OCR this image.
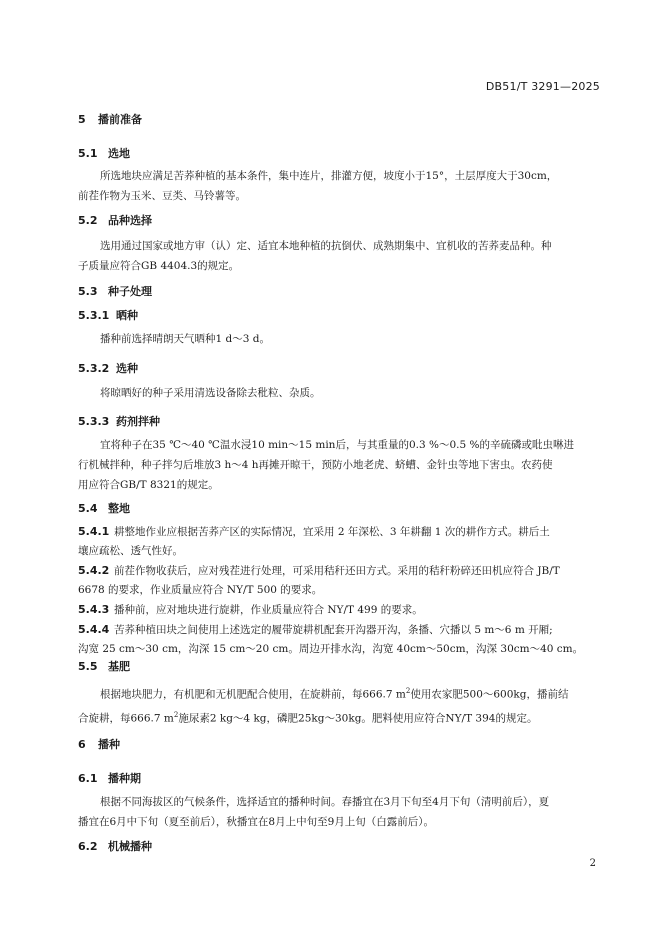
DB51/T 3291—2025
5 播前准备
5.1 选地
所选地块应满足苦荞种植的基本条件，集中连片，排灌方便，坡度小于15°，土层厚度大于30cm，
前茬作物为玉米、豆类、马铃薯等。
5.2 品种选择
选用通过国家或地方审（认）定、适宜本地种植的抗倒伏、成熟期集中、宜机收的苦荞麦品种。种
子质量应符合GB 4404.3的规定。
5.3 种子处理
5.3.1 晒种
播种前选择晴朗天气晒种1 d～3 d。
5.3.2 选种
将晾晒好的种子采用清选设备除去秕粒、杂质。
5.3.3 药剂拌种
宜将种子在35 ℃～40 ℃温水浸10 min～15 min后，与其重量的0.3 %～0.5 %的辛硫磷或吡虫啉进
行机械拌种，种子拌匀后堆放3 h～4 h再摊开晾干，预防小地老虎、蛴螬、金针虫等地下害虫。农药使
用应符合GB/T 8321的规定。
5.4 整地
5.4.1 耕整地作业应根据苦荞产区的实际情况，宜采用 2 年深松、3 年耕翻 1 次的耕作方式。耕后土
壤应疏松、透气性好。
5.4.2 前茬作物收获后，应对残茬进行处理，可采用秸秆还田方式。采用的秸秆粉碎还田机应符合 JB/T
6678 的要求，作业质量应符合 NY/T 500 的要求。
5.4.3 播种前，应对地块进行旋耕，作业质量应符合 NY/T 499 的要求。
5.4.4 苦荞种植田块之间使用上述选定的履带旋耕机配套开沟器开沟，条播、穴播以 5 m～6 m 开厢;
沟宽 25 cm～30 cm，沟深 15 cm～20 cm。周边开排水沟，沟宽 40cm～50cm，沟深 30cm～40 cm。
5.5 基肥
根据地块肥力，有机肥和无机肥配合使用，在旋耕前，每666.7 $m^2$使用农家肥500～600kg，播前结
合旋耕，每666.7 $m^2$施尿素2 kg～4 kg，磷肥25kg～30kg。肥料使用应符合NY/T 394的规定。
6 播种
6.1 播种期
根据不同海拔区的气候条件，选择适宜的播种时间。春播宜在3月下旬至4月下旬（清明前后），夏
播宜在6月中下旬（夏至前后），秋播宜在8月上中旬至9月上旬（白露前后）。
6.2 机械播种
2
